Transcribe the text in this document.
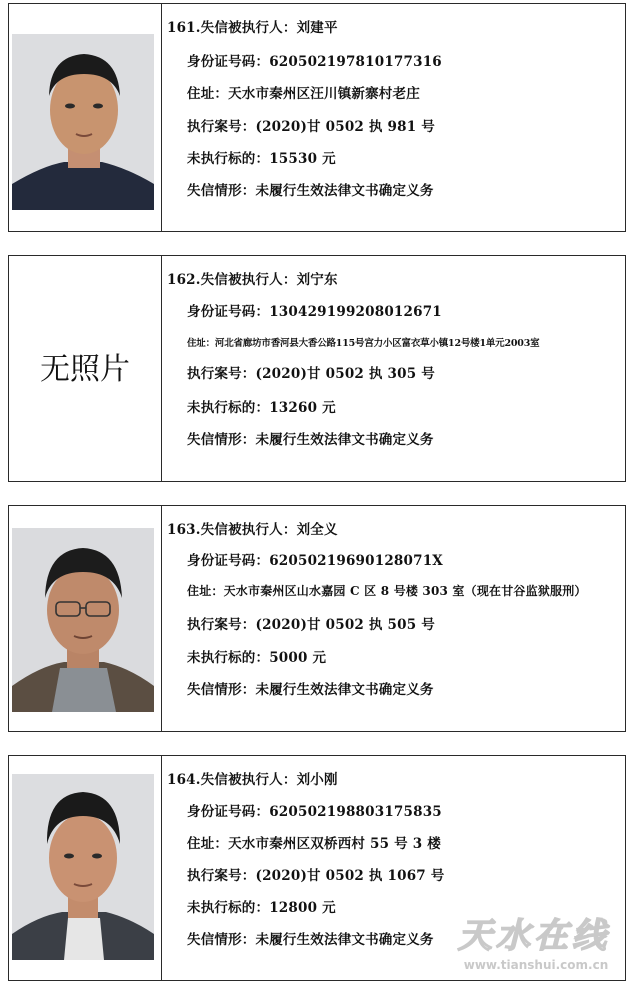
161.失信被执行人：刘建平
身份证号码：620502197810177316
住址：天水市秦州区汪川镇新寨村老庄
执行案号：(2020)甘 0502 执 981 号
未执行标的：15530 元
失信情形：未履行生效法律文书确定义务
无照片
162.失信被执行人：刘宁东
身份证号码：130429199208012671
住址：河北省廊坊市香河县大香公路115号宫力小区富衣草小镇12号楼1单元2003室
执行案号：(2020)甘 0502 执 305 号
未执行标的：13260 元
失信情形：未履行生效法律文书确定义务
163.失信被执行人：刘全义
身份证号码：62050219690128071X
住址：天水市秦州区山水嘉园 C 区 8 号楼 303 室（现在甘谷监狱服刑）
执行案号：(2020)甘 0502 执 505 号
未执行标的：5000 元
失信情形：未履行生效法律文书确定义务
164.失信被执行人：刘小刚
身份证号码：620502198803175835
住址：天水市秦州区双桥西村 55 号 3 楼
执行案号：(2020)甘 0502 执 1067 号
未执行标的：12800 元
失信情形：未履行生效法律文书确定义务 天水在线
www.tianshui.com.cn
